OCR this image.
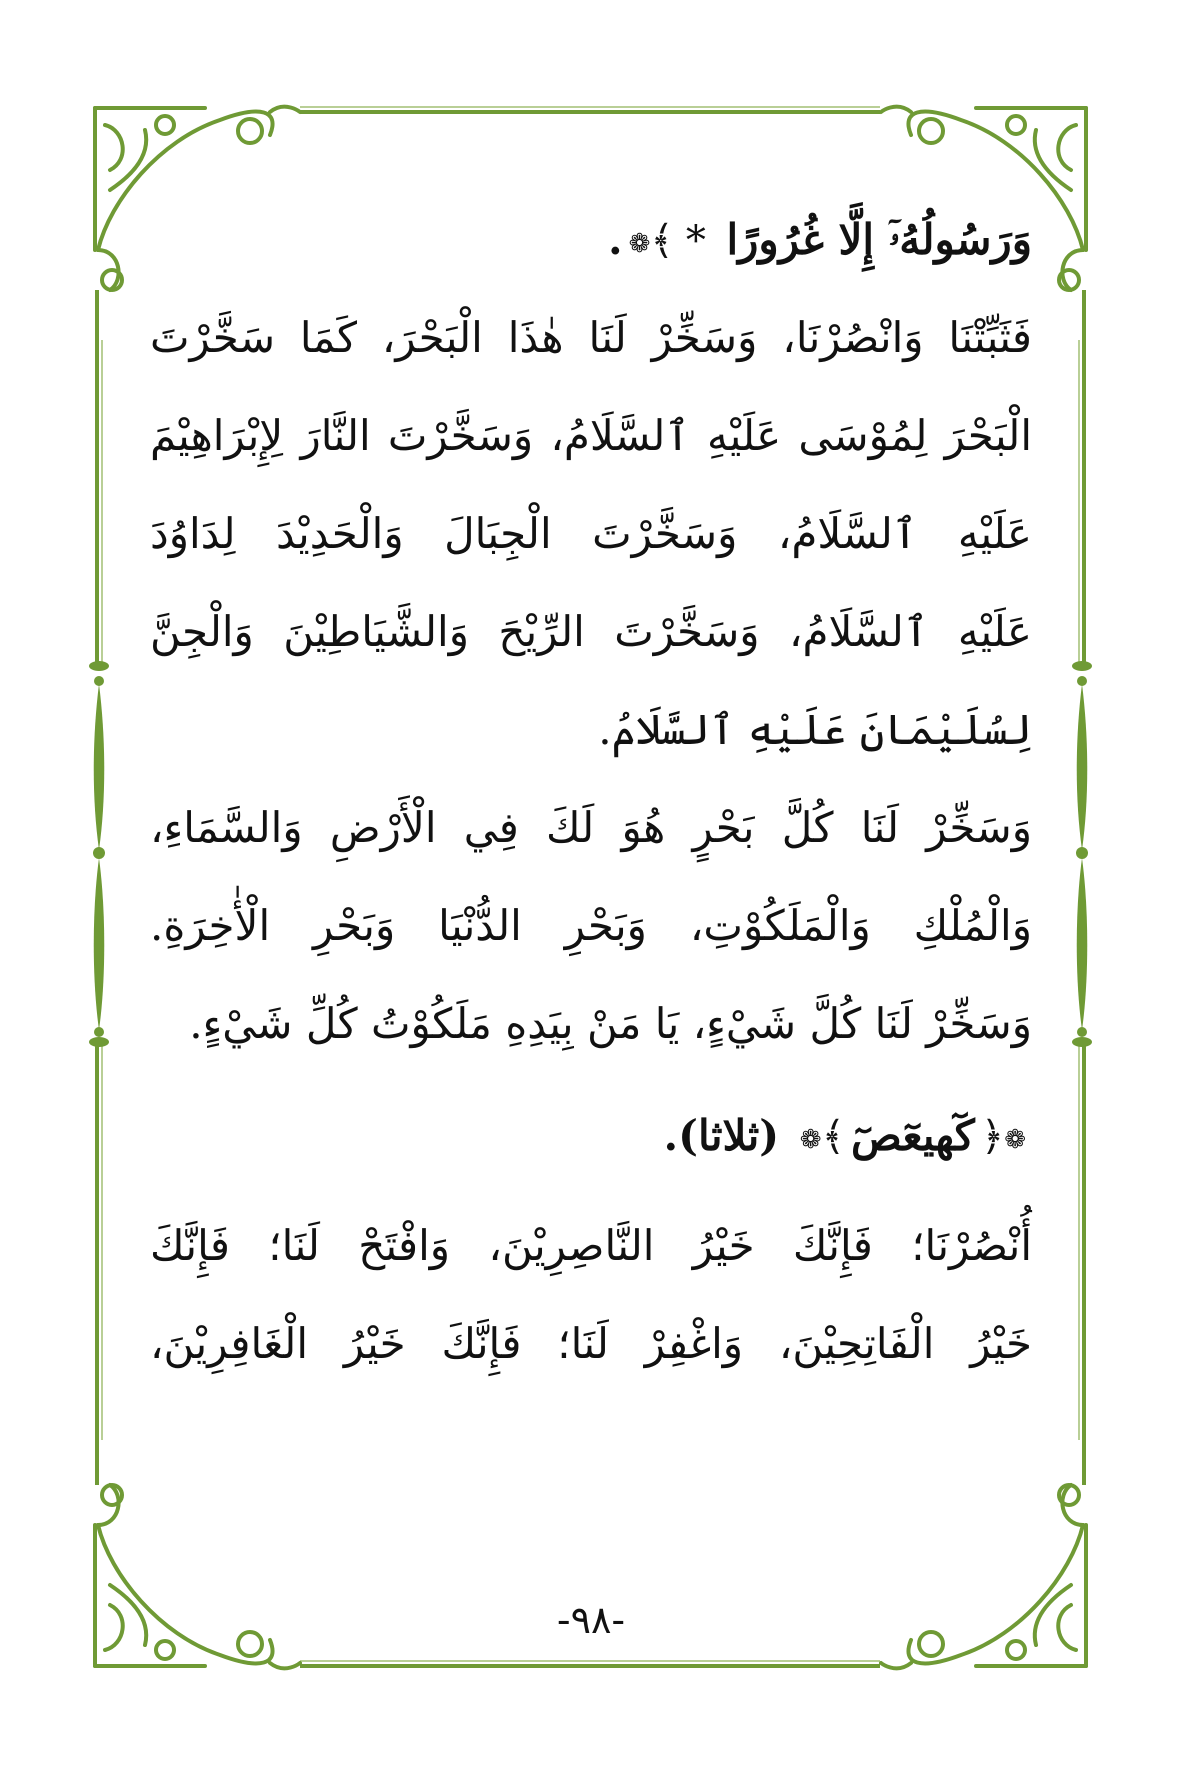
وَرَسُولُهُۥٓ إِلَّا غُرُورًا *﴾❁.
فَثَبِّتْنَا وَانْصُرْنَا، وَسَخِّرْ لَنَا هٰذَا الْبَحْرَ، كَمَا سَخَّرْتَ
الْبَحْرَ لِمُوْسَى عَلَيْهِ ٱلسَّلَامُ، وَسَخَّرْتَ النَّارَ لِإِبْرَاهِيْمَ
عَلَيْهِ ٱلسَّلَامُ، وَسَخَّرْتَ الْجِبَالَ وَالْحَدِيْدَ لِدَاوُدَ
عَلَيْهِ ٱلسَّلَامُ، وَسَخَّرْتَ الرِّيْحَ وَالشَّيَاطِيْنَ وَالْجِنَّ
لِسُلَيْمَانَ عَلَيْهِ ٱلسَّلَامُ.
وَسَخِّرْ لَنَا كُلَّ بَحْرٍ هُوَ لَكَ فِي الْأَرْضِ وَالسَّمَاءِ،
وَالْمُلْكِ وَالْمَلَكُوْتِ، وَبَحْرِ الدُّنْيَا وَبَحْرِ الْأٰخِرَةِ.
وَسَخِّرْ لَنَا كُلَّ شَيْءٍ، يَا مَنْ بِيَدِهِ مَلَكُوْتُ كُلِّ شَيْءٍ.
❁﴿كٓهيعٓصٓ﴾❁ (ثلاثا).
أُنْصُرْنَا؛ فَإِنَّكَ خَيْرُ النَّاصِرِيْنَ، وَافْتَحْ لَنَا؛ فَإِنَّكَ
خَيْرُ الْفَاتِحِيْنَ، وَاغْفِرْ لَنَا؛ فَإِنَّكَ خَيْرُ الْغَافِرِيْنَ،
-٩٨-
